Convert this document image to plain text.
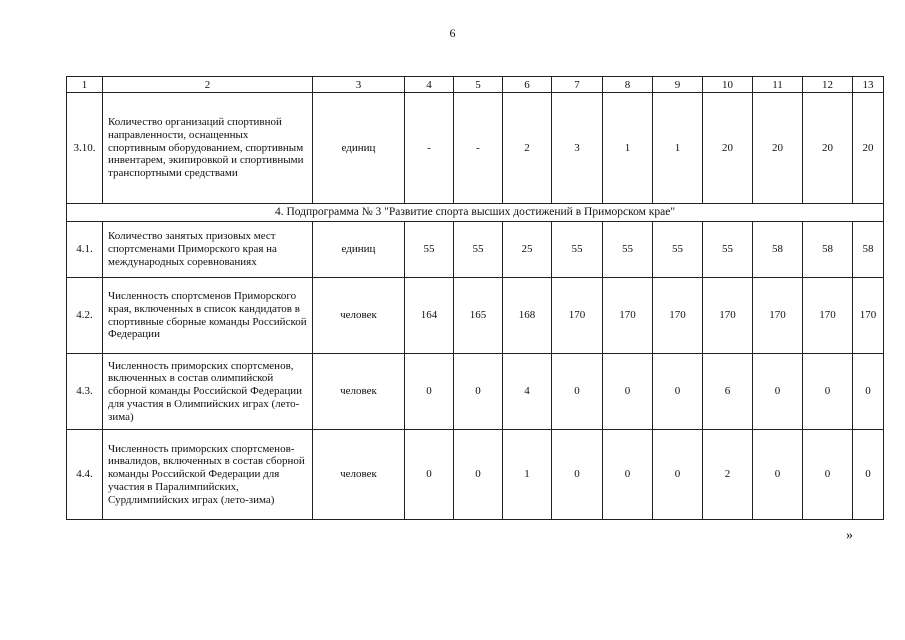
6
1	2	3	4	5	6	7	8	9	10	11	12	13
3.10.	Количество организаций спортивной направленности, оснащенных спортивным оборудованием, спортивным инвентарем, экипировкой и спортивными транспортными средствами	единиц	-	-	2	3	1	1	20	20	20	20
4. Подпрограмма № 3 "Развитие спорта высших достижений в Приморском крае"												
4.1.	Количество занятых призовых мест спортсменами Приморского края на международных соревнованиях	единиц	55	55	25	55	55	55	55	58	58	58
4.2.	Численность спортсменов Приморского края, включенных в список кандидатов в спортивные сборные команды Российской Федерации	человек	164	165	168	170	170	170	170	170	170	170
4.3.	Численность приморских спортсменов, включенных в состав олимпийской сборной команды Российской Федерации для участия в Олимпийских играх (лето-зима)	человек	0	0	4	0	0	0	6	0	0	0
4.4.	Численность приморских спортсменов-инвалидов, включенных в состав сборной команды Российской Федерации для участия в Паралимпийских, Сурдлимпийских играх (лето-зима)	человек	0	0	1	0	0	0	2	0	0	0
»
